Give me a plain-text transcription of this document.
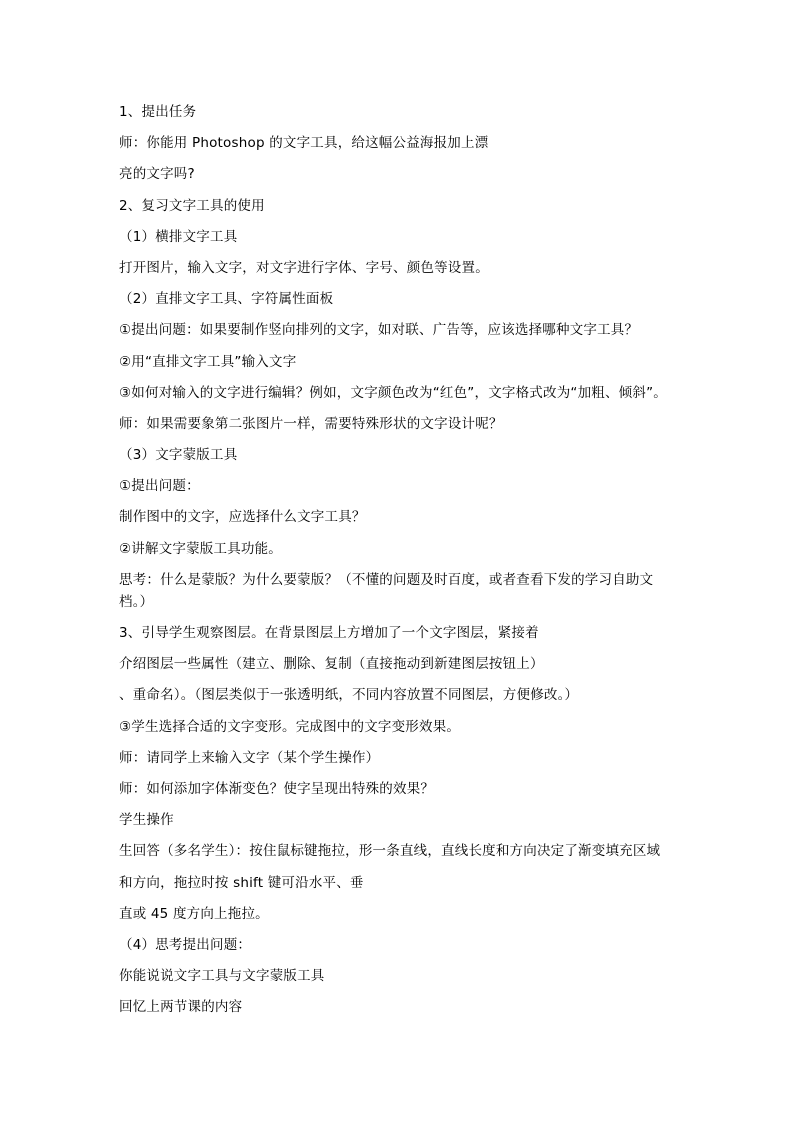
1、提出任务
师：你能用 Photoshop 的文字工具，给这幅公益海报加上漂
亮的文字吗?
2、复习文字工具的使用
（1）横排文字工具
打开图片，输入文字，对文字进行字体、字号、颜色等设置。
（2）直排文字工具、字符属性面板
①提出问题：如果要制作竖向排列的文字，如对联、广告等，应该选择哪种文字工具？
②用“直排文字工具”输入文字
③如何对输入的文字进行编辑？例如，文字颜色改为“红色”，文字格式改为“加粗、倾斜”。
师：如果需要象第二张图片一样，需要特殊形状的文字设计呢？
（3）文字蒙版工具
①提出问题：
制作图中的文字，应选择什么文字工具？
②讲解文字蒙版工具功能。
思考：什么是蒙版？为什么要蒙版？（不懂的问题及时百度，或者查看下发的学习自助文
档。）
3、引导学生观察图层。在背景图层上方增加了一个文字图层，紧接着
介绍图层一些属性（建立、删除、复制（直接拖动到新建图层按钮上）
、重命名）。（图层类似于一张透明纸，不同内容放置不同图层，方便修改。）
③学生选择合适的文字变形。完成图中的文字变形效果。
师：请同学上来输入文字（某个学生操作）
师：如何添加字体渐变色？使字呈现出特殊的效果？
学生操作
生回答（多名学生）：按住鼠标键拖拉，形一条直线，直线长度和方向决定了渐变填充区域
和方向，拖拉时按 shift 键可沿水平、垂
直或 45 度方向上拖拉。
（4）思考提出问题：
你能说说文字工具与文字蒙版工具
回忆上两节课的内容
